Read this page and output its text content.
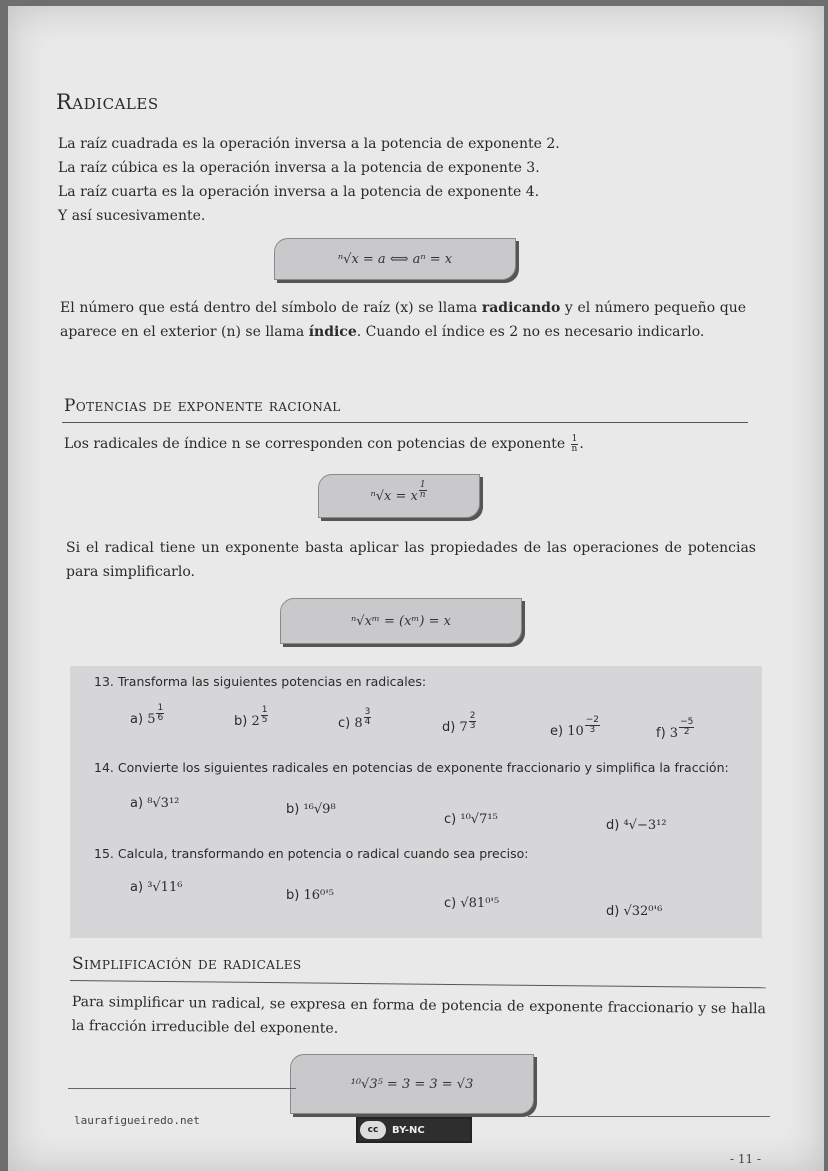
Radicales
La raíz cuadrada es la operación inversa a la potencia de exponente 2.
La raíz cúbica es la operación inversa a la potencia de exponente 3.
La raíz cuarta es la operación inversa a la potencia de exponente 4.
Y así sucesivamente.
ⁿ√x = a ⟺ aⁿ = x
El número que está dentro del símbolo de raíz (x) se llama radicando y el número pequeño que aparece en el exterior (n) se llama índice. Cuando el índice es 2 no es necesario indicarlo.
Potencias de exponente racional
Los radicales de índice n se corresponden con potencias de exponente $\frac{1}{n}$ .
ⁿ√x = x $\frac{1}{n}$
Si el radical tiene un exponente basta aplicar las propiedades de las operaciones de potencias para simplificarlo.
ⁿ√xᵐ = (xᵐ) = x
13. Transforma las siguientes potencias en radicales:
a) $5 \frac{1}{6}$	b) $2 \frac{1}{5}$	c) $8 \frac{3}{4}$
d) $7 \frac{2}{3}$
e) $10 \frac{-2}{3}$	f) $3 \frac{-5}{2}$
14. Convierte los siguientes radicales en potencias de exponente fraccionario y simplifica la fracción:
a) ⁸√3¹²	b) ¹⁶√9⁸
c) ¹⁰√7¹⁵	d) ⁴√−3¹²
15. Calcula, transformando en potencia o radical cuando sea preciso:
a) ³√11⁶
b) 16⁰'⁵
c) √81⁰'⁵
d) √32⁰'⁶
Simplificación de radicales
Para simplificar un radical, se expresa en forma de potencia de exponente fraccionario y se halla la fracción irreducible del exponente.
¹⁰√3⁵ = 3 = 3 = √3
laurafigueiredo.net
cc	BY-NC
- 11 -
